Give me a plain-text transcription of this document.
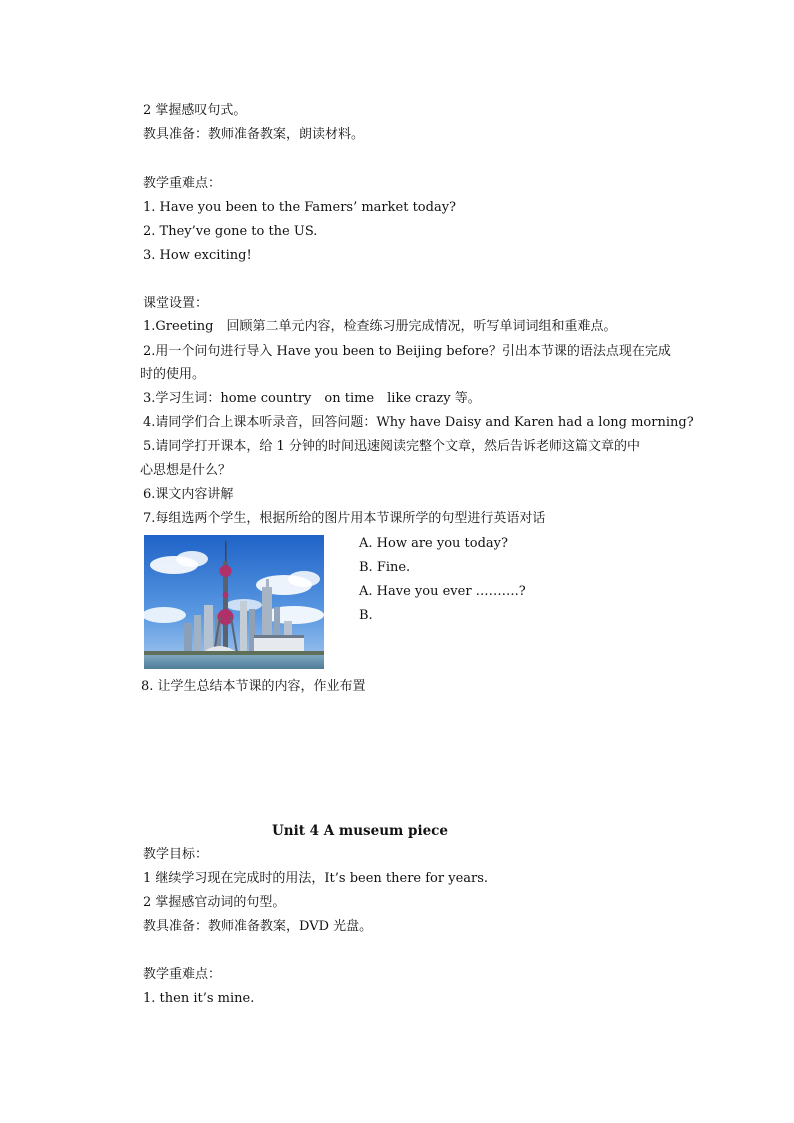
2 掌握感叹句式。
教具准备：教师准备教案，朗读材料。
教学重难点：
1. Have you been to the Famers’ market today?
2. They’ve gone to the US.
3. How exciting!
课堂设置：
1.Greeting　回顾第二单元内容，检查练习册完成情况，听写单词词组和重难点。
2.用一个问句进行导入 Have you been to Beijing before？引出本节课的语法点现在完成
时的使用。
3.学习生词：home country　on time　like crazy 等。
4.请同学们合上课本听录音，回答问题：Why have Daisy and Karen had a long morning?
5.请同学打开课本，给 1 分钟的时间迅速阅读完整个文章，然后告诉老师这篇文章的中
心思想是什么？
6.课文内容讲解
7.每组选两个学生，根据所给的图片用本节课所学的句型进行英语对话
A. How are you today?
B. Fine.
A. Have you ever ……….?
B.
8. 让学生总结本节课的内容，作业布置
Unit 4 A museum piece
教学目标：
1 继续学习现在完成时的用法，It’s been there for years.
2 掌握感官动词的句型。
教具准备：教师准备教案，DVD 光盘。
教学重难点：
1. then it’s mine.
